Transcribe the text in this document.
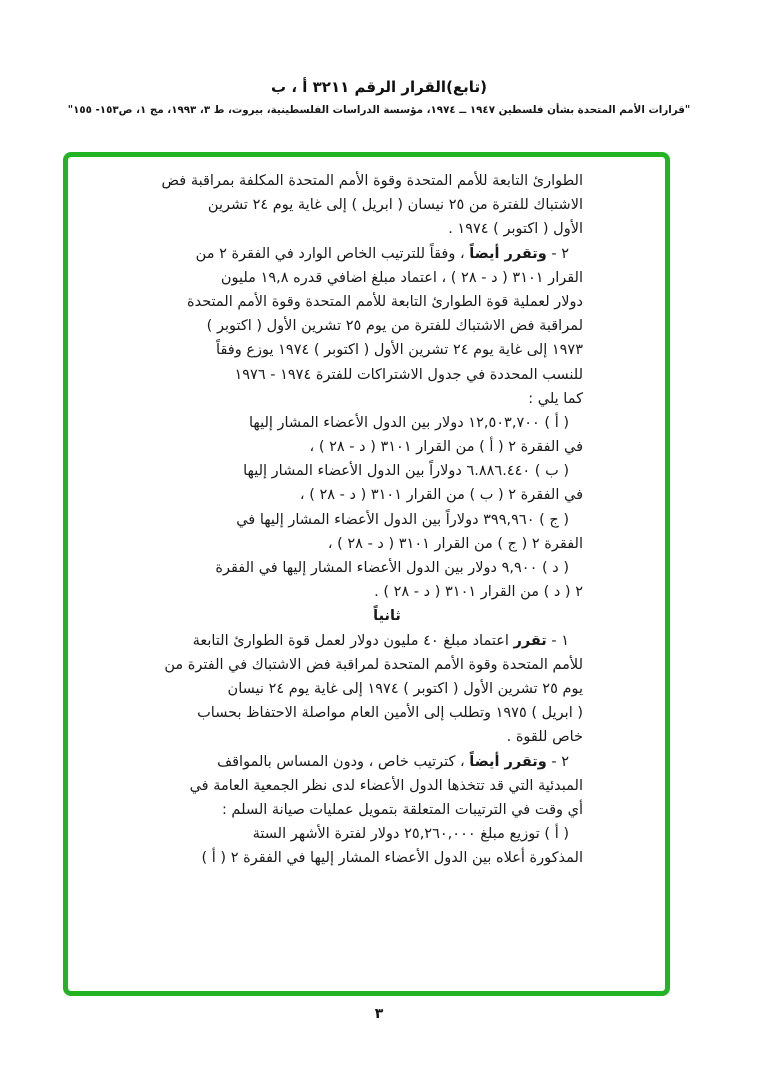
(تابع)القرار الرقم ٣٢١١ أ ، ب
"قرارات الأمم المتحدة بشأن فلسطين ١٩٤٧ ــ ١٩٧٤، مؤسسة الدراسات الفلسطينية، بيروت، ط ٣، ١٩٩٣، مج ١، ص١٥٣- ١٥٥"
الطوارئ التابعة للأمم المتحدة وقوة الأمم المتحدة المكلفة بمراقبة فض
الاشتباك للفترة من ٢٥ نيسان ( ابريل ) إلى غاية يوم ٢٤ تشرين
الأول ( اكتوبر ) ١٩٧٤ .
٢ - وتقرر أيضاً ، وفقاً للترتيب الخاص الوارد في الفقرة ٢ من
القرار ٣١٠١ ( د - ٢٨ ) ، اعتماد مبلغ اضافي قدره ١٩,٨ مليون
دولار لعملية قوة الطوارئ التابعة للأمم المتحدة وقوة الأمم المتحدة
لمراقبة فض الاشتباك للفترة من يوم ٢٥ تشرين الأول ( اكتوبر )
١٩٧٣ إلى غاية يوم ٢٤ تشرين الأول ( اكتوبر ) ١٩٧٤ يوزع وفقاً
للنسب المحددة في جدول الاشتراكات للفترة ١٩٧٤ - ١٩٧٦
كما يلي :
( أ ) ١٢,٥٠٣,٧٠٠ دولار بين الدول الأعضاء المشار إليها
في الفقرة ٢ ( أ ) من القرار ٣١٠١ ( د - ٢٨ ) ،
( ب ) ٦.٨٨٦.٤٤٠ دولاراً بين الدول الأعضاء المشار إليها
في الفقرة ٢ ( ب ) من القرار ٣١٠١ ( د - ٢٨ ) ،
( ج ) ٣٩٩,٩٦٠ دولاراً بين الدول الأعضاء المشار إليها في
الفقرة ٢ ( ج ) من القرار ٣١٠١ ( د - ٢٨ ) ،
( د ) ٩,٩٠٠ دولار بين الدول الأعضاء المشار إليها في الفقرة
٢ ( د ) من القرار ٣١٠١ ( د - ٢٨ ) .
ثانياً
١ - تقرر اعتماد مبلغ ٤٠ مليون دولار لعمل قوة الطوارئ التابعة
للأمم المتحدة وقوة الأمم المتحدة لمراقبة فض الاشتباك في الفترة من
يوم ٢٥ تشرين الأول ( اكتوبر ) ١٩٧٤ إلى غاية يوم ٢٤ نيسان
( ابريل ) ١٩٧٥ وتطلب إلى الأمين العام مواصلة الاحتفاظ بحساب
خاص للقوة .
٢ - وتقرر أيضاً ، كترتيب خاص ، ودون المساس بالمواقف
المبدئية التي قد تتخذها الدول الأعضاء لدى نظر الجمعية العامة في
أي وقت في الترتيبات المتعلقة بتمويل عمليات صيانة السلم :
( أ ) توزيع مبلغ ٢٥,٢٦٠,٠٠٠ دولار لفترة الأشهر الستة
المذكورة أعلاه بين الدول الأعضاء المشار إليها في الفقرة ٢ ( أ )
٣
